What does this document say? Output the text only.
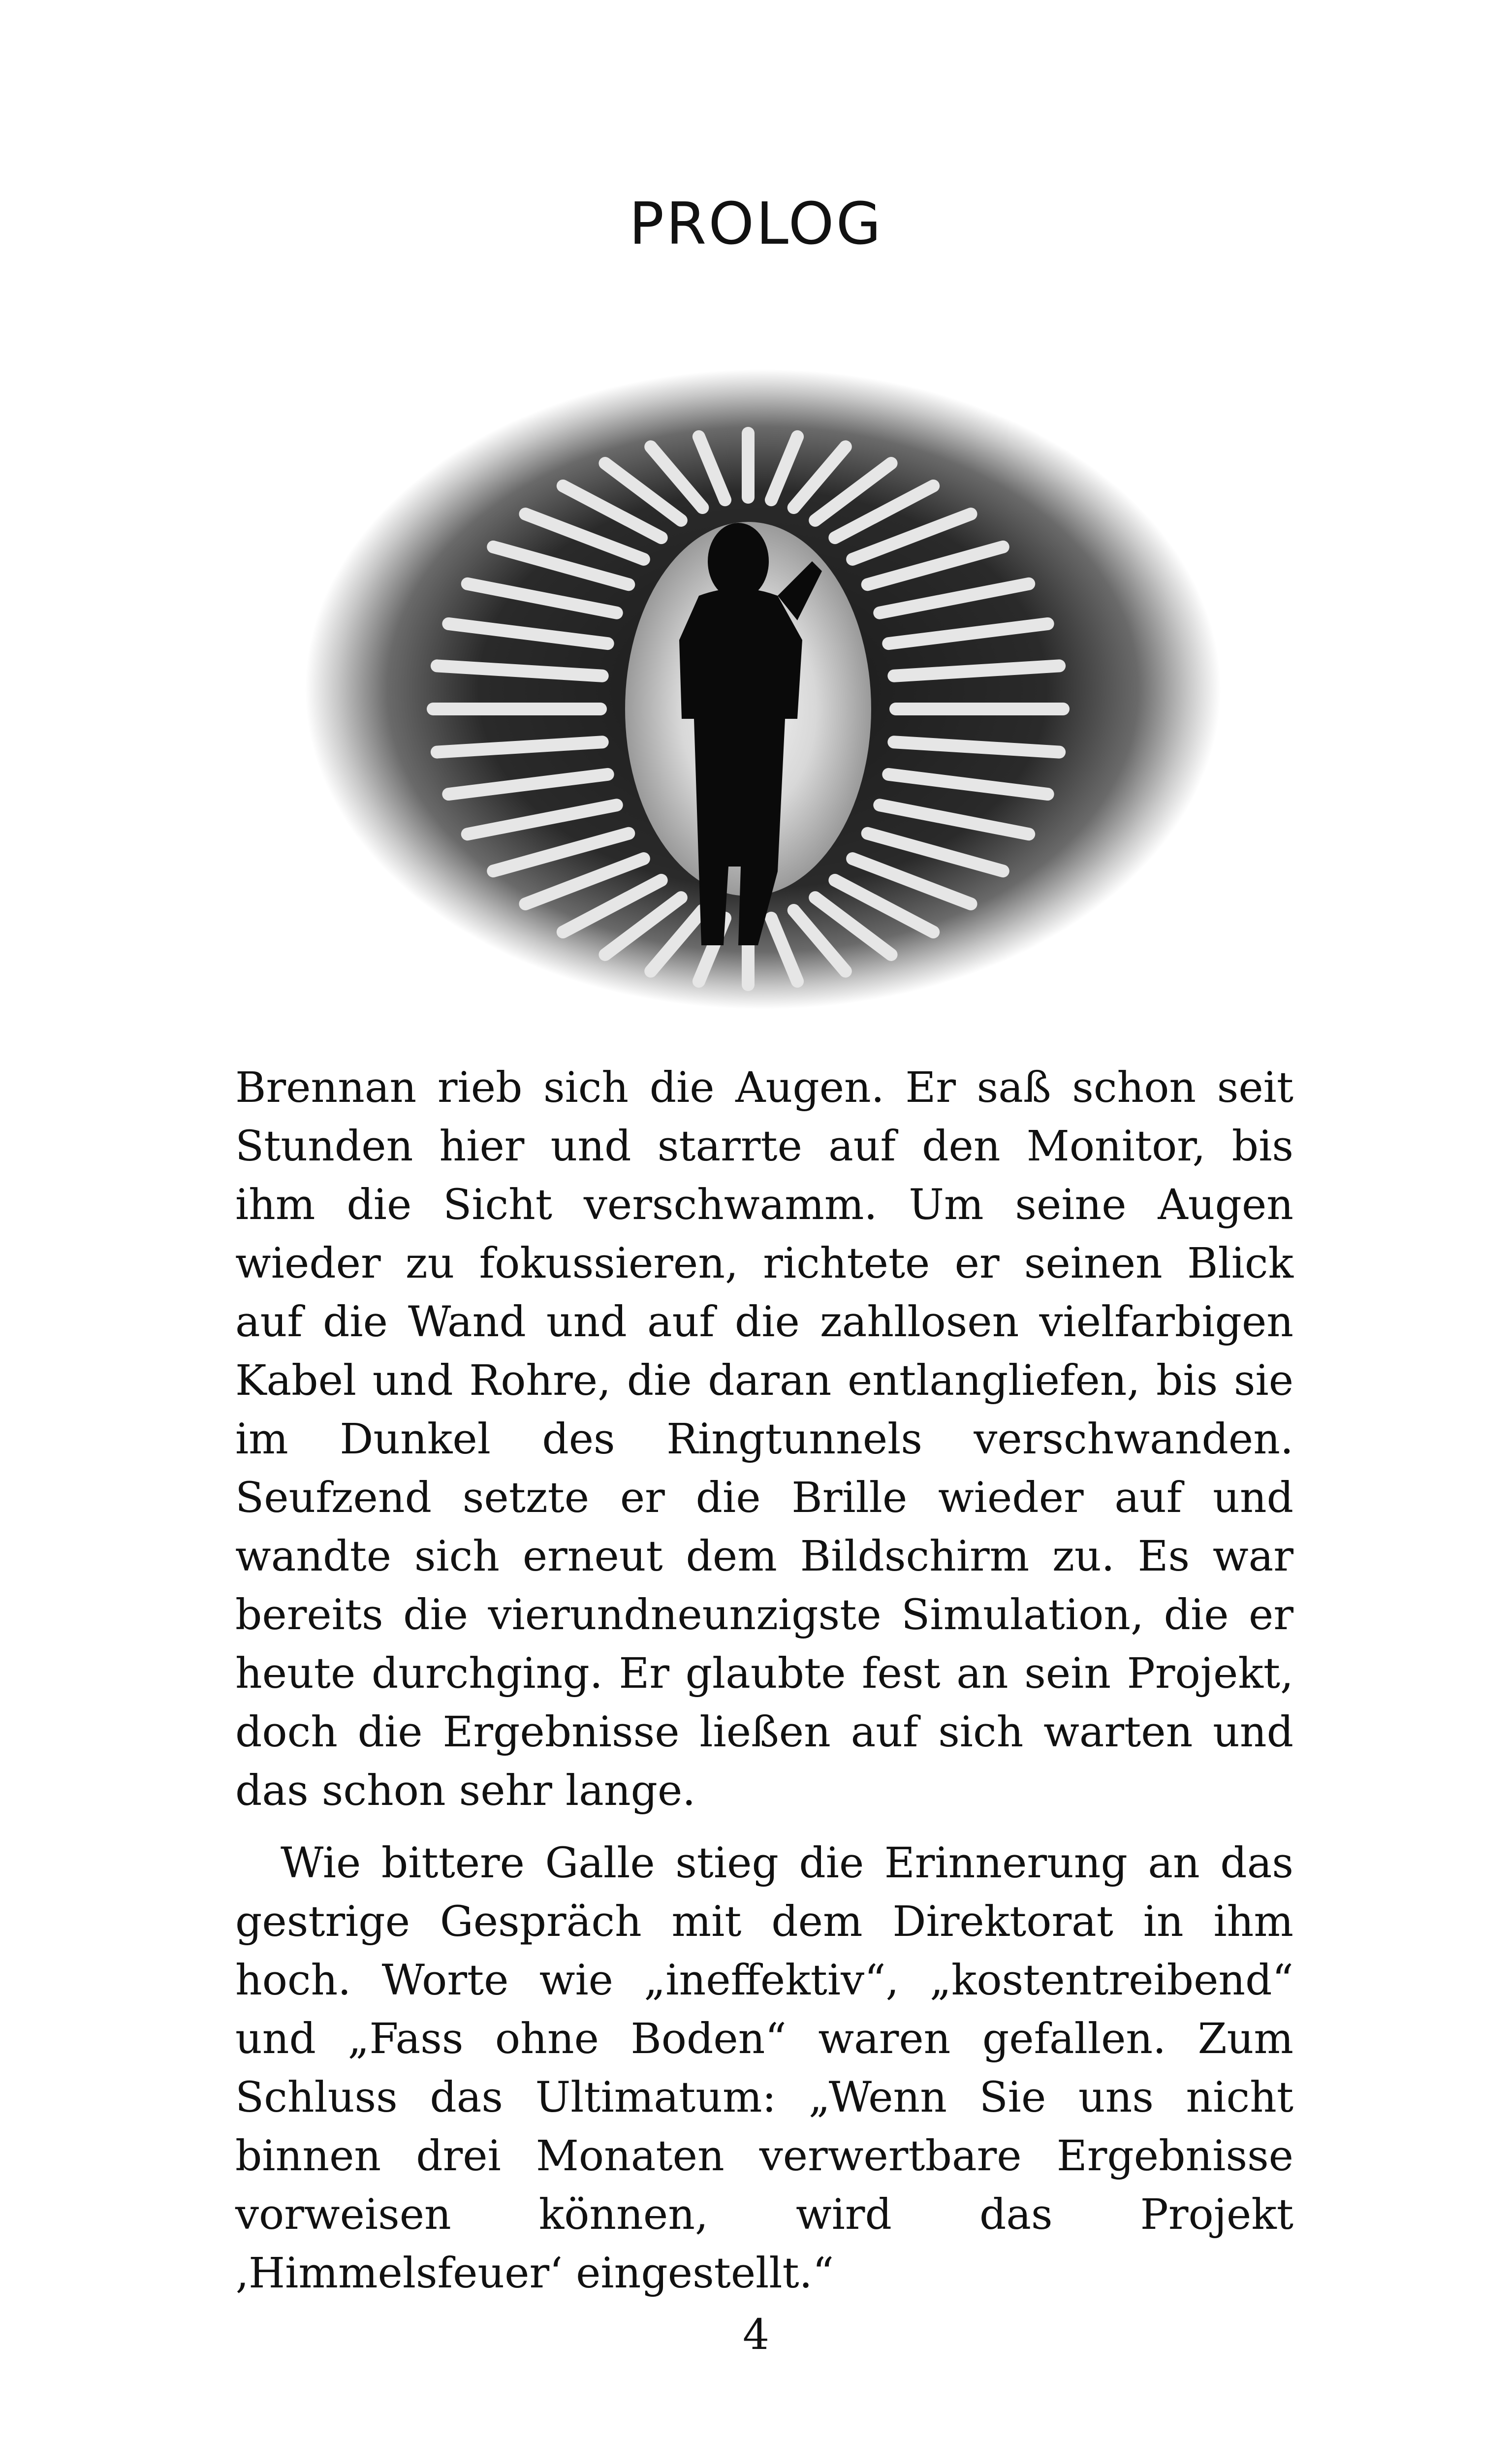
PROLOG

Brennan rieb sich die Augen. Er saß schon seit Stunden hier und starrte auf den Monitor, bis ihm die Sicht verschwamm. Um seine Augen wieder zu fokussieren, richtete er seinen Blick auf die Wand und auf die zahllosen vielfarbigen Kabel und Rohre, die daran entlangliefen, bis sie im Dunkel des Ringtunnels verschwanden. Seufzend setzte er die Brille wieder auf und wandte sich erneut dem Bildschirm zu. Es war bereits die vierundneunzigste Simulation, die er heute durchging. Er glaubte fest an sein Projekt, doch die Ergebnisse ließen auf sich warten und das schon sehr lange.

Wie bittere Galle stieg die Erinnerung an das gestrige Gespräch mit dem Direktorat in ihm hoch. Worte wie „ineffektiv“, „kostentreibend“ und „Fass ohne Boden“ waren gefallen. Zum Schluss das Ultimatum: „Wenn Sie uns nicht binnen drei Monaten verwertbare Ergebnisse vorweisen können, wird das Projekt ‚Himmelsfeuer‘ eingestellt.“

4
